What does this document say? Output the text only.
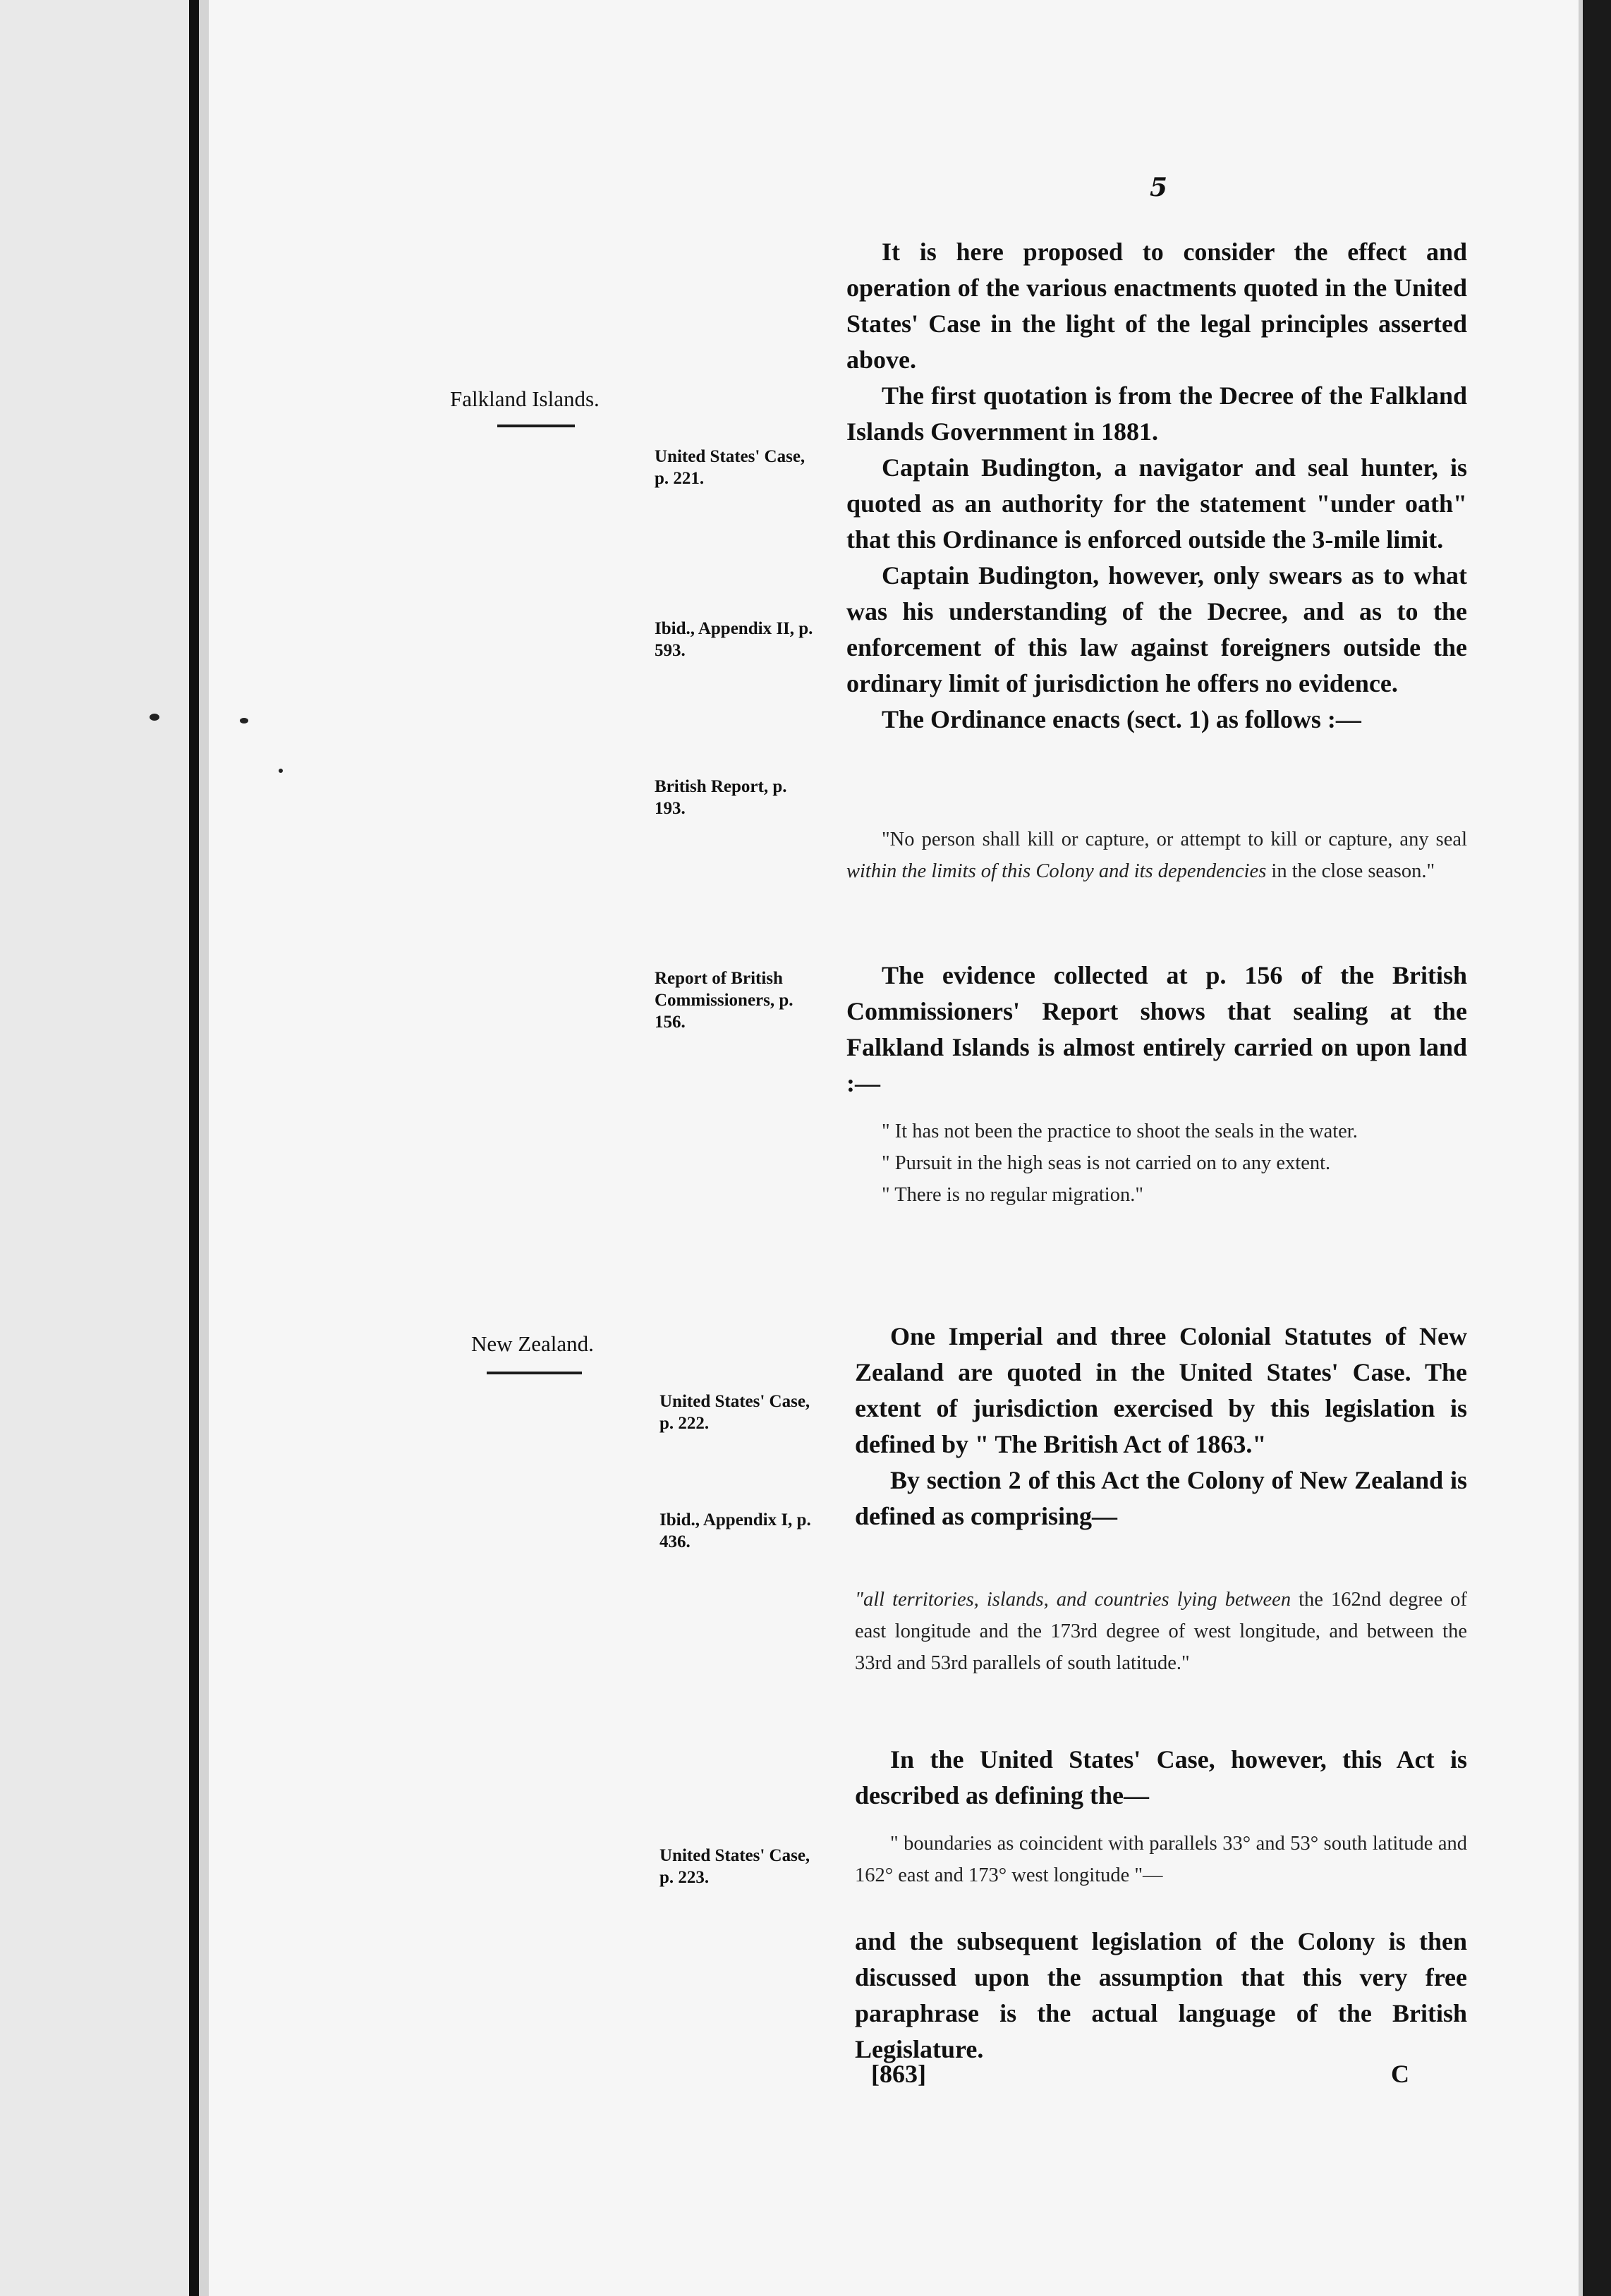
5
Falkland Islands.
New Zealand.
United States' Case, p. 221.
Ibid., Appendix II, p. 593.
British Report, p. 193.
Report of British Commissioners, p. 156.
United States' Case, p. 222.
Ibid., Appendix I, p. 436.
United States' Case, p. 223.

It is here proposed to consider the effect and operation of the various enactments quoted in the United States' Case in the light of the legal principles asserted above.

The first quotation is from the Decree of the Falkland Islands Government in 1881.

Captain Budington, a navigator and seal hunter, is quoted as an authority for the statement "under oath" that this Ordinance is enforced outside the 3-mile limit.

Captain Budington, however, only swears as to what was his understanding of the Decree, and as to the enforcement of this law against foreigners outside the ordinary limit of jurisdiction he offers no evidence.

The Ordinance enacts (sect. 1) as follows :—

"No person shall kill or capture, or attempt to kill or capture, any seal within the limits of this Colony and its dependencies in the close season."

The evidence collected at p. 156 of the British Commissioners' Report shows that sealing at the Falkland Islands is almost entirely carried on upon land :—

" It has not been the practice to shoot the seals in the water.

" Pursuit in the high seas is not carried on to any extent.

" There is no regular migration."

One Imperial and three Colonial Statutes of New Zealand are quoted in the United States' Case. The extent of jurisdiction exercised by this legislation is defined by " The British Act of 1863."

By section 2 of this Act the Colony of New Zealand is defined as comprising—

"all territories, islands, and countries lying between the 162nd degree of east longitude and the 173rd degree of west longitude, and between the 33rd and 53rd parallels of south latitude."

In the United States' Case, however, this Act is described as defining the—

" boundaries as coincident with parallels 33° and 53° south latitude and 162° east and 173° west longitude "—

and the subsequent legislation of the Colony is then discussed upon the assumption that this very free paraphrase is the actual language of the British Legislature.

[863]	C
